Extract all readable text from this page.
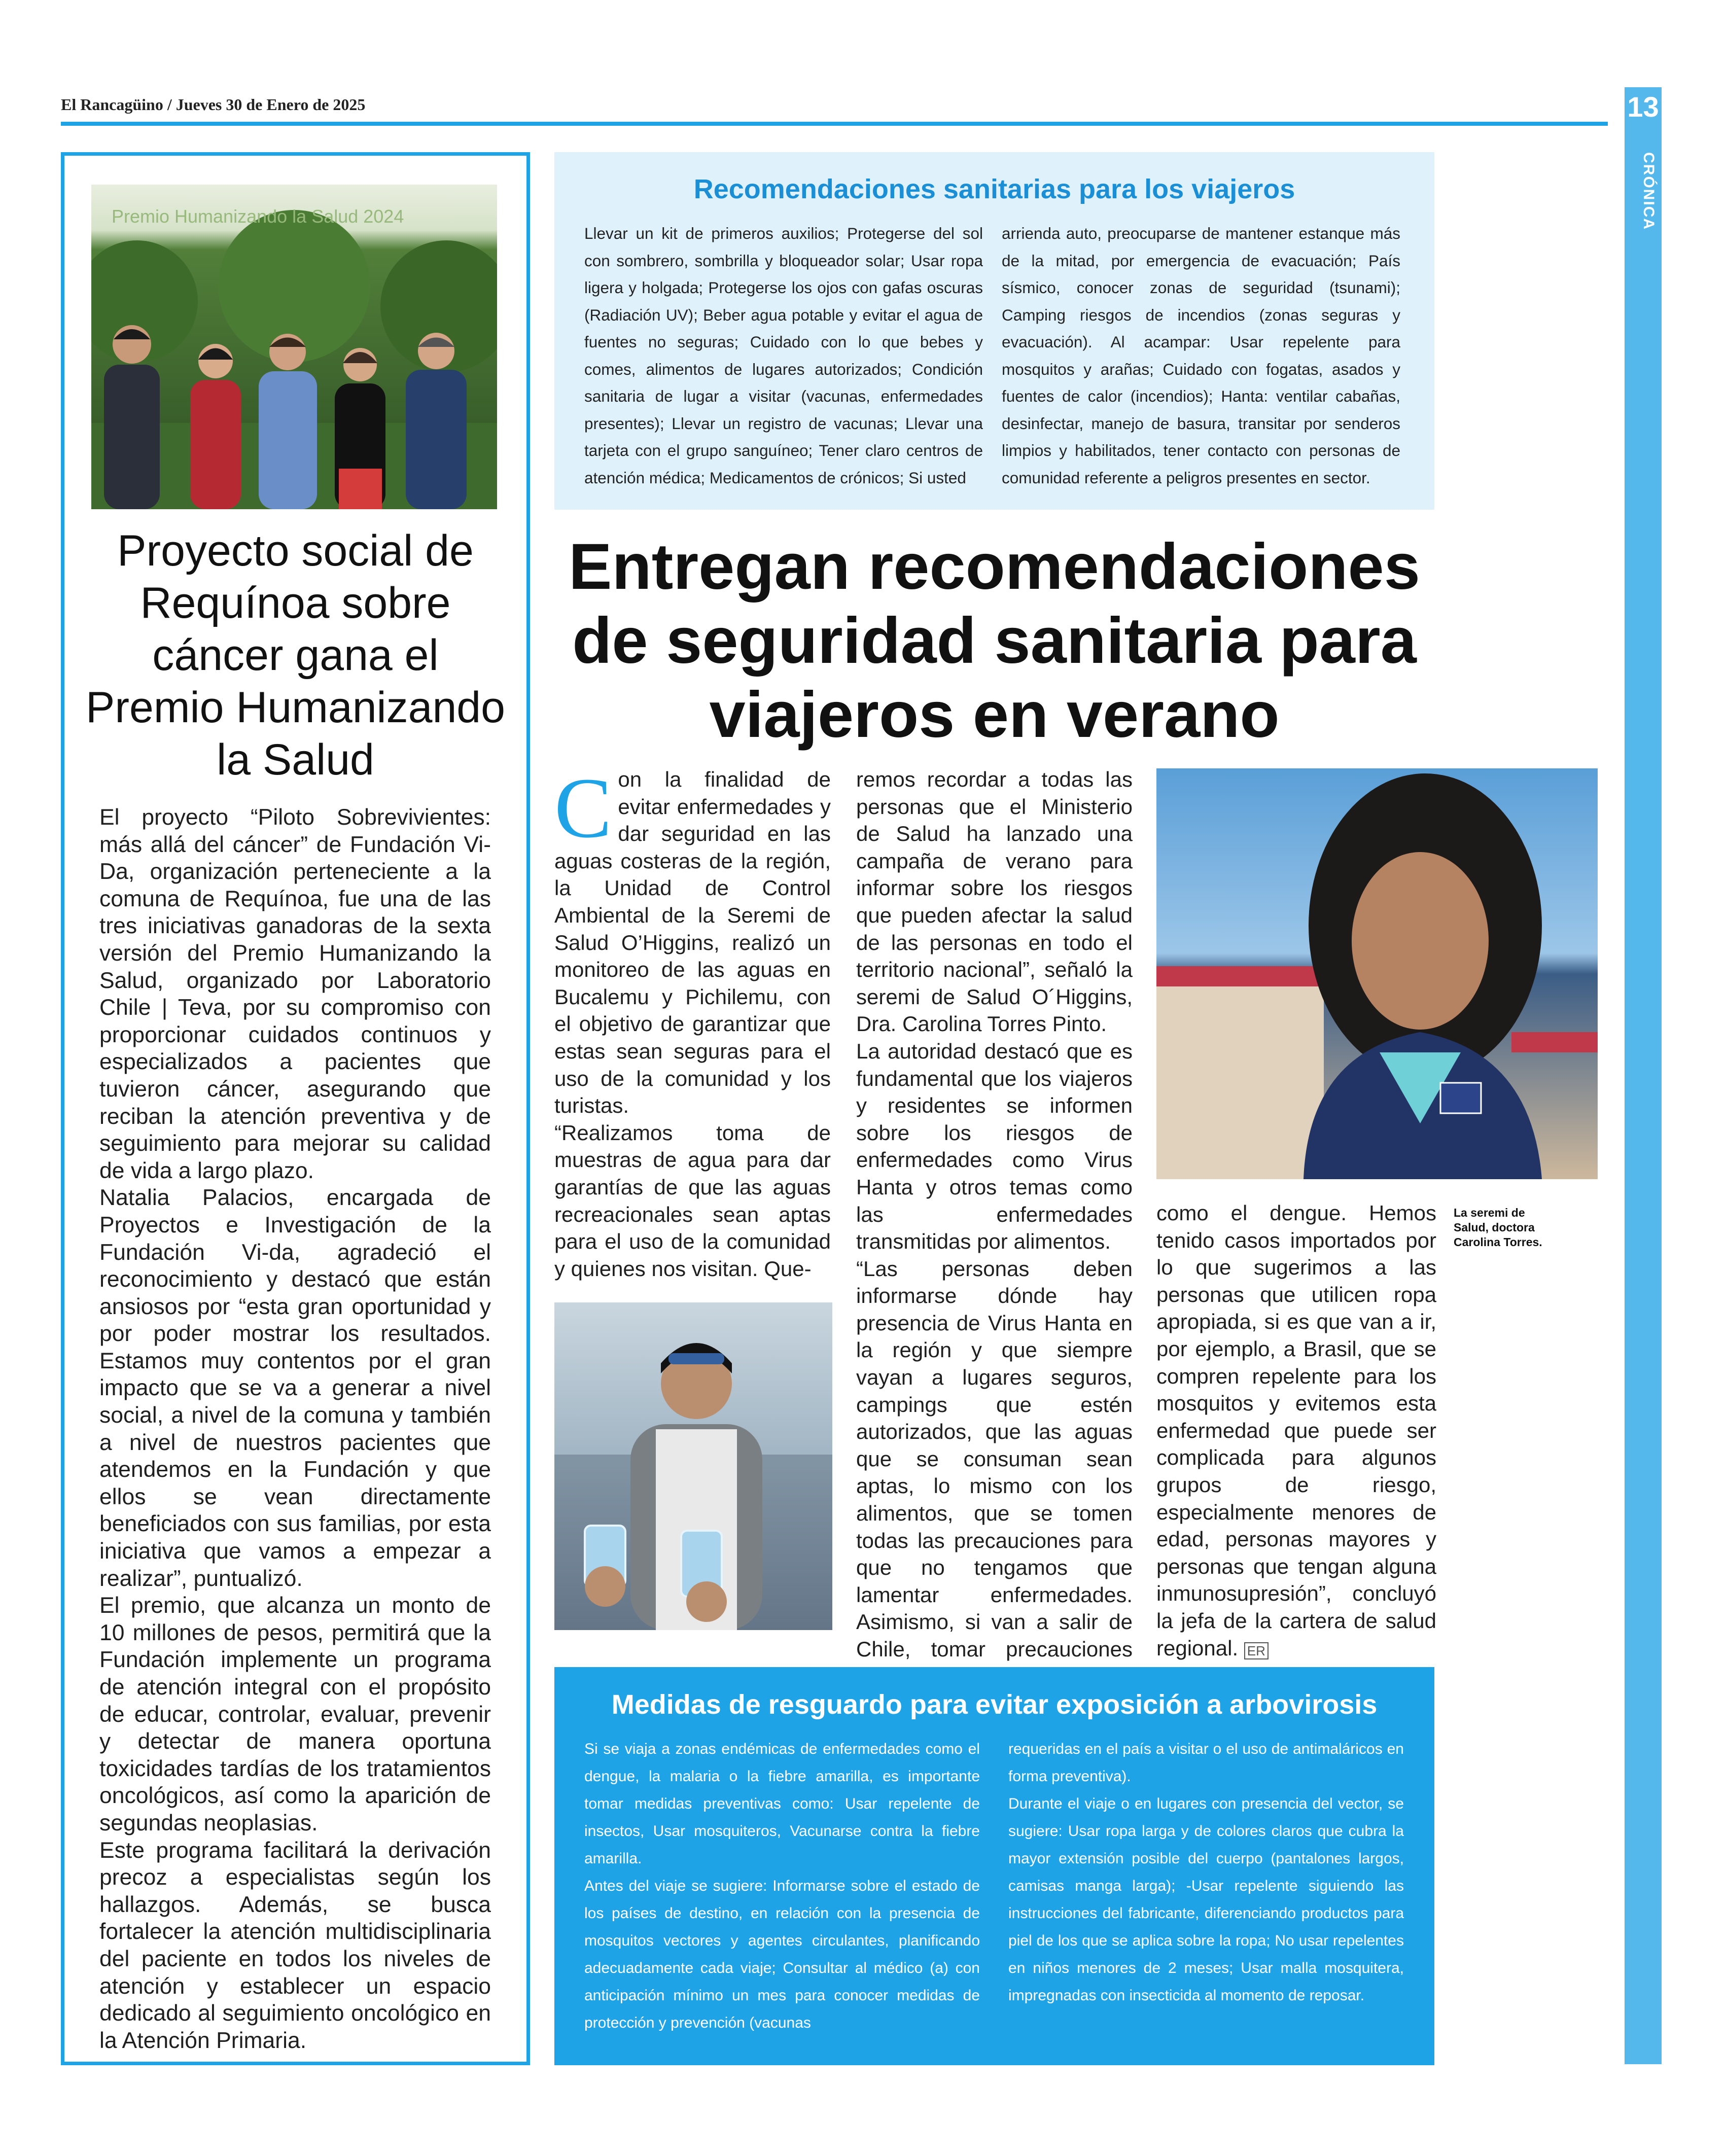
El Rancagüino / Jueves 30 de Enero de 2025	13
CRÓNICA
Premio Humanizando la Salud 2024
Proyecto social de Requínoa sobre cáncer gana el Premio Humanizando la Salud

El proyecto “Piloto Sobrevivientes: más allá del cáncer” de Fundación Vi-Da, organización perteneciente a la comuna de Requínoa, fue una de las tres iniciativas ganadoras de la sexta versión del Premio Humanizando la Salud, organizado por Laboratorio Chile | Teva, por su compromiso con proporcionar cuidados continuos y especializados a pacientes que tuvieron cáncer, asegurando que reciban la atención preventiva y de seguimiento para mejorar su calidad de vida a largo plazo.

Natalia Palacios, encargada de Proyectos e Investigación de la Fundación Vi-da, agradeció el reconocimiento y destacó que están ansiosos por “esta gran oportunidad y por poder mostrar los resultados. Estamos muy contentos por el gran impacto que se va a generar a nivel social, a nivel de la comuna y también a nivel de nuestros pacientes que atendemos en la Fundación y que ellos se vean directamente beneficiados con sus familias, por esta iniciativa que vamos a empezar a realizar”, puntualizó.

El premio, que alcanza un monto de 10 millones de pesos, permitirá que la Fundación implemente un programa de atención integral con el propósito de educar, controlar, evaluar, prevenir y detectar de manera oportuna toxicidades tardías de los tratamientos oncológicos, así como la aparición de segundas neoplasias.

Este programa facilitará la derivación precoz a especialistas según los hallazgos. Además, se busca fortalecer la atención multidisciplinaria del paciente en todos los niveles de atención y establecer un espacio dedicado al seguimiento oncológico en la Atención Primaria.

Recomendaciones sanitarias para los viajeros
Llevar un kit de primeros auxilios; Protegerse del sol con sombrero, sombrilla y bloqueador solar; Usar ropa ligera y holgada; Protegerse los ojos con gafas oscuras (Radiación UV); Beber agua potable y evitar el agua de fuentes no seguras; Cuidado con lo que bebes y comes, alimentos de lugares autorizados; Condición sanitaria de lugar a visitar (vacunas, enfermedades presentes); Llevar un registro de vacunas; Llevar una tarjeta con el grupo sanguíneo; Tener claro centros de atención médica; Medicamentos de crónicos; Si usted
arrienda auto, preocuparse de mantener estanque más de la mitad, por emergencia de evacuación; País sísmico, conocer zonas de seguridad (tsunami); Camping riesgos de incendios (zonas seguras y evacuación). Al acampar: Usar repelente para mosquitos y arañas; Cuidado con fogatas, asados y fuentes de calor (incendios); Hanta: ventilar cabañas, desinfectar, manejo de basura, transitar por senderos limpios y habilitados, tener contacto con personas de comunidad referente a peligros presentes en sector.
Entregan recomendaciones de seguridad sanitaria para viajeros en verano

Con la finalidad de evitar enfermedades y dar seguridad en las aguas costeras de la región, la Unidad de Control Ambiental de la Seremi de Salud O’Higgins, realizó un monitoreo de las aguas en Bucalemu y Pichilemu, con el objetivo de garantizar que estas sean seguras para el uso de la comunidad y los turistas.

“Realizamos toma de muestras de agua para dar garantías de que las aguas recreacionales sean aptas para el uso de la comunidad y quienes nos visitan. Que-

remos recordar a todas las personas que el Ministerio de Salud ha lanzado una campaña de verano para informar sobre los riesgos que pueden afectar la salud de las personas en todo el territorio nacional”, señaló la seremi de Salud O´Higgins, Dra. Carolina Torres Pinto.

La autoridad destacó que es fundamental que los viajeros y residentes se informen sobre los riesgos de enfermedades como Virus Hanta y otros temas como las enfermedades transmitidas por alimentos.

“Las personas deben informarse dónde hay presencia de Virus Hanta en la región y que siempre vayan a lugares seguros, campings que estén autorizados, que las aguas que se consuman sean aptas, lo mismo con los alimentos, que se tomen todas las precauciones para que no tengamos que lamentar enfermedades. Asimismo, si van a salir de Chile, tomar precauciones

La seremi de Salud, doctora Carolina Torres.

como el dengue. Hemos tenido casos importados por lo que sugerimos a las personas que utilicen ropa apropiada, si es que van a ir, por ejemplo, a Brasil, que se compren repelente para los mosquitos y evitemos esta enfermedad que puede ser complicada para algunos grupos de riesgo, especialmente menores de edad, personas mayores y personas que tengan alguna inmunosupresión”, concluyó la jefa de la cartera de salud regional. ER

Medidas de resguardo para evitar exposición a arbovirosis

Si se viaja a zonas endémicas de enfermedades como el dengue, la malaria o la fiebre amarilla, es importante tomar medidas preventivas como: Usar repelente de insectos, Usar mosquiteros, Vacunarse contra la fiebre amarilla.

Antes del viaje se sugiere: Informarse sobre el estado de los países de destino, en relación con la presencia de mosquitos vectores y agentes circulantes, planificando adecuadamente cada viaje; Consultar al médico (a) con anticipación mínimo un mes para conocer medidas de protección y prevención (vacunas

requeridas en el país a visitar o el uso de antimaláricos en forma preventiva).

Durante el viaje o en lugares con presencia del vector, se sugiere: Usar ropa larga y de colores claros que cubra la mayor extensión posible del cuerpo (pantalones largos, camisas manga larga); -Usar repelente siguiendo las instrucciones del fabricante, diferenciando productos para piel de los que se aplica sobre la ropa; No usar repelentes en niños menores de 2 meses; Usar malla mosquitera, impregnadas con insecticida al momento de reposar.
